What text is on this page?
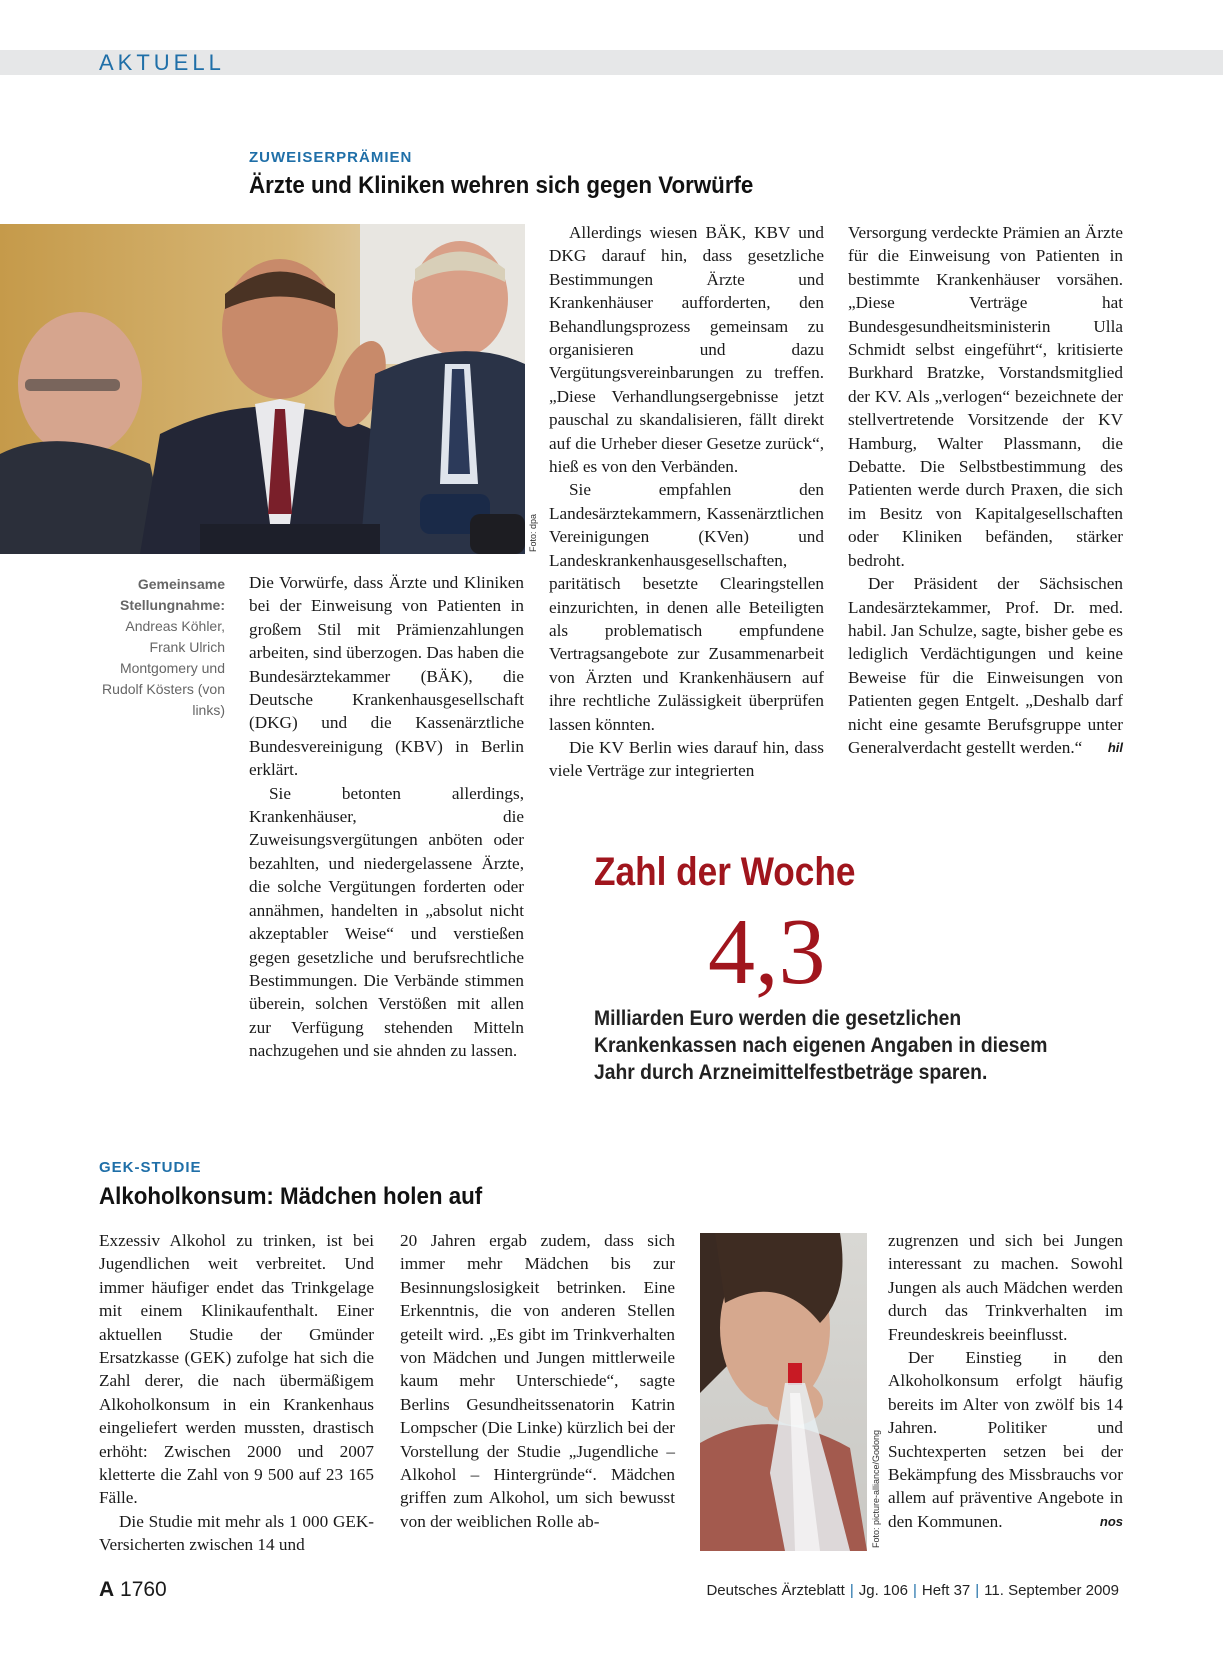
AKTUELL
ZUWEISERPRÄMIEN
Ärzte und Kliniken wehren sich gegen Vorwürfe
Foto: dpa
Gemeinsame Stellungnahme:
Andreas Köhler, Frank Ulrich Montgomery und Rudolf Kösters (von links)

Die Vorwürfe, dass Ärzte und Kliniken bei der Einweisung von Patienten in großem Stil mit Prämienzahlungen arbeiten, sind überzogen. Das haben die Bundesärztekammer (BÄK), die Deutsche Krankenhausgesellschaft (DKG) und die Kassenärztliche Bundesvereinigung (KBV) in Berlin erklärt.

Sie betonten allerdings, Krankenhäuser, die Zuweisungsvergütungen anböten oder bezahlten, und niedergelassene Ärzte, die solche Vergütungen forderten oder annähmen, handelten in „absolut nicht akzeptabler Weise“ und verstießen gegen gesetzliche und berufsrechtliche Bestimmungen. Die Verbände stimmen überein, solchen Verstößen mit allen zur Verfügung stehenden Mitteln nachzugehen und sie ahnden zu lassen.

Allerdings wiesen BÄK, KBV und DKG darauf hin, dass gesetzliche Bestimmungen Ärzte und Krankenhäuser aufforderten, den Behandlungsprozess gemeinsam zu organisieren und dazu Vergütungsvereinbarungen zu treffen. „Diese Verhandlungsergebnisse jetzt pauschal zu skandalisieren, fällt direkt auf die Urheber dieser Gesetze zurück“, hieß es von den Verbänden.

Sie empfahlen den Landesärztekammern, Kassenärztlichen Vereinigungen (KVen) und Landeskrankenhausgesellschaften, paritätisch besetzte Clearingstellen einzurichten, in denen alle Beteiligten als problematisch empfundene Vertragsangebote zur Zusammenarbeit von Ärzten und Krankenhäusern auf ihre rechtliche Zulässigkeit überprüfen lassen könnten.

Die KV Berlin wies darauf hin, dass viele Verträge zur integrierten

Versorgung verdeckte Prämien an Ärzte für die Einweisung von Patienten in bestimmte Krankenhäuser vorsähen. „Diese Verträge hat Bundesgesundheitsministerin Ulla Schmidt selbst eingeführt“, kritisierte Burkhard Bratzke, Vorstandsmitglied der KV. Als „verlogen“ bezeichnete der stellvertretende Vorsitzende der KV Hamburg, Walter Plassmann, die Debatte. Die Selbstbestimmung des Patienten werde durch Praxen, die sich im Besitz von Kapitalgesellschaften oder Kliniken befänden, stärker bedroht.

Der Präsident der Sächsischen Landesärztekammer, Prof. Dr. med. habil. Jan Schulze, sagte, bisher gebe es lediglich Verdächtigungen und keine Beweise für die Einweisungen von Patienten gegen Entgelt. „Deshalb darf nicht eine gesamte Berufsgruppe unter Generalverdacht gestellt werden.“	hil

Zahl der Woche
4,3
Milliarden Euro werden die gesetzlichen Krankenkassen nach eigenen Angaben in diesem Jahr durch Arzneimittelfestbeträge sparen.
GEK-STUDIE
Alkoholkonsum: Mädchen holen auf

Exzessiv Alkohol zu trinken, ist bei Jugendlichen weit verbreitet. Und immer häufiger endet das Trinkgelage mit einem Klinikaufenthalt. Einer aktuellen Studie der Gmünder Ersatzkasse (GEK) zufolge hat sich die Zahl derer, die nach übermäßigem Alkoholkonsum in ein Krankenhaus eingeliefert werden mussten, drastisch erhöht: Zwischen 2000 und 2007 kletterte die Zahl von 9 500 auf 23 165 Fälle.

Die Studie mit mehr als 1 000 GEK-Versicherten zwischen 14 und

20 Jahren ergab zudem, dass sich immer mehr Mädchen bis zur Besinnungslosigkeit betrinken. Eine Erkenntnis, die von anderen Stellen geteilt wird. „Es gibt im Trinkverhalten von Mädchen und Jungen mittlerweile kaum mehr Unterschiede“, sagte Berlins Gesundheitssenatorin Katrin Lompscher (Die Linke) kürzlich bei der Vorstellung der Studie „Jugendliche – Alkohol – Hintergründe“. Mädchen griffen zum Alkohol, um sich bewusst von der weiblichen Rolle ab-	Foto: picture-alliance/Godong

zugrenzen und sich bei Jungen interessant zu machen. Sowohl Jungen als auch Mädchen werden durch das Trinkverhalten im Freundeskreis beeinflusst.

Der Einstieg in den Alkoholkonsum erfolgt häufig bereits im Alter von zwölf bis 14 Jahren. Politiker und Suchtexperten setzen bei der Bekämpfung des Missbrauchs vor allem auf präventive Angebote in den Kommunen.	nos

A 1760	Deutsches Ärzteblatt | Jg. 106 | Heft 37 | 11. September 2009
